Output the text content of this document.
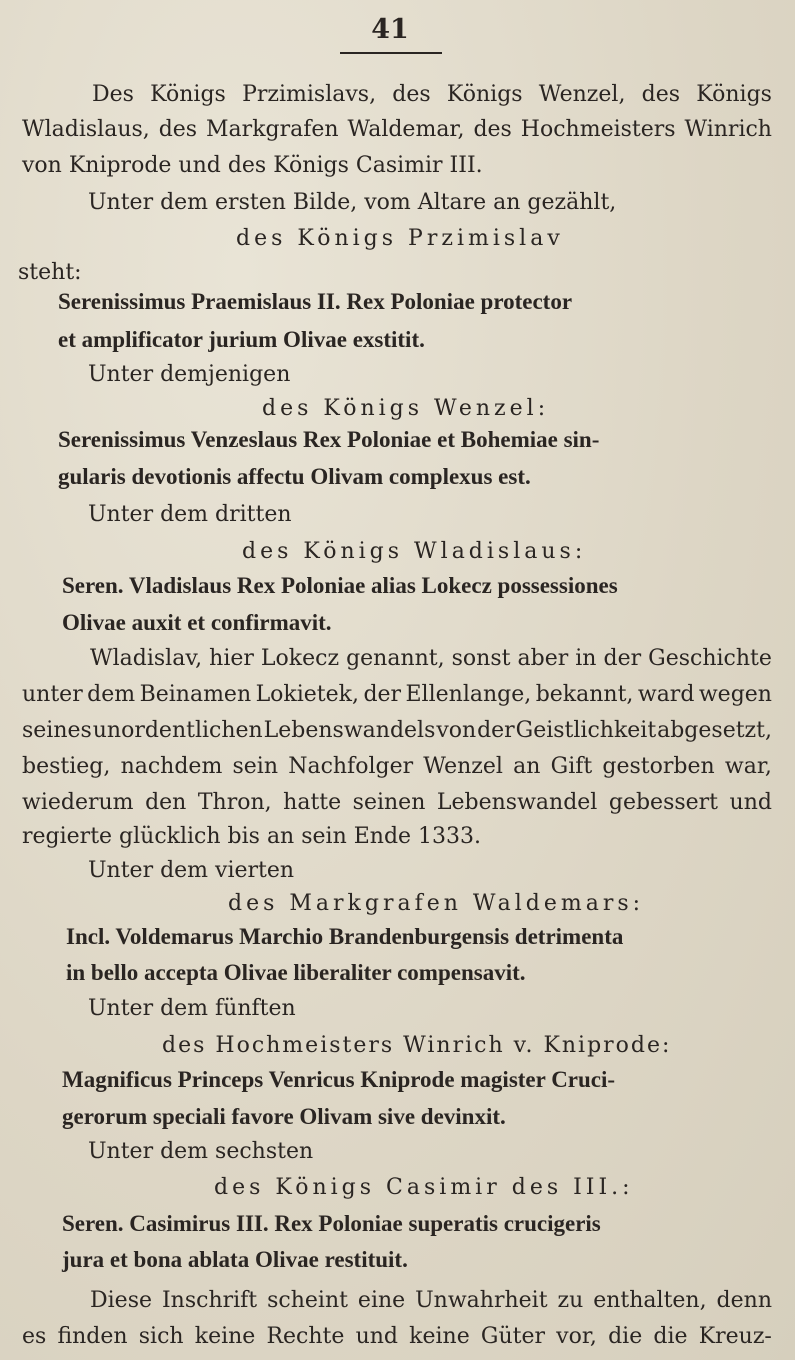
41
Des Königs Przimislavs, des Königs Wenzel, des Königs
Wladislaus, des Markgrafen Waldemar, des Hochmeisters Winrich
von Kniprode und des Königs Casimir III.
Unter dem ersten Bilde, vom Altare an gezählt,
des Königs Przimislav
steht:
Serenissimus Praemislaus II. Rex Poloniae protector
et amplificator jurium Olivae exstitit.
Unter demjenigen
des Königs Wenzel:
Serenissimus Venzeslaus Rex Poloniae et Bohemiae sin-
gularis devotionis affectu Olivam complexus est.
Unter dem dritten
des Königs Wladislaus:
Seren. Vladislaus Rex Poloniae alias Lokecz possessiones
Olivae auxit et confirmavit.
Wladislav, hier Lokecz genannt, sonst aber in der Geschichte
unter dem Beinamen Lokietek, der Ellenlange, bekannt, ward wegen
seines unordentlichen Lebenswandels von der Geistlichkeit abgesetzt,
bestieg, nachdem sein Nachfolger Wenzel an Gift gestorben war,
wiederum den Thron, hatte seinen Lebenswandel gebessert und
regierte glücklich bis an sein Ende 1333.
Unter dem vierten
des Markgrafen Waldemars:
Incl. Voldemarus Marchio Brandenburgensis detrimenta
in bello accepta Olivae liberaliter compensavit.
Unter dem fünften
des Hochmeisters Winrich v. Kniprode:
Magnificus Princeps Venricus Kniprode magister Cruci-
gerorum speciali favore Olivam sive devinxit.
Unter dem sechsten
des Königs Casimir des III.:
Seren. Casimirus III. Rex Poloniae superatis crucigeris
jura et bona ablata Olivae restituit.
Diese Inschrift scheint eine Unwahrheit zu enthalten, denn
es finden sich keine Rechte und keine Güter vor, die die Kreuz-
